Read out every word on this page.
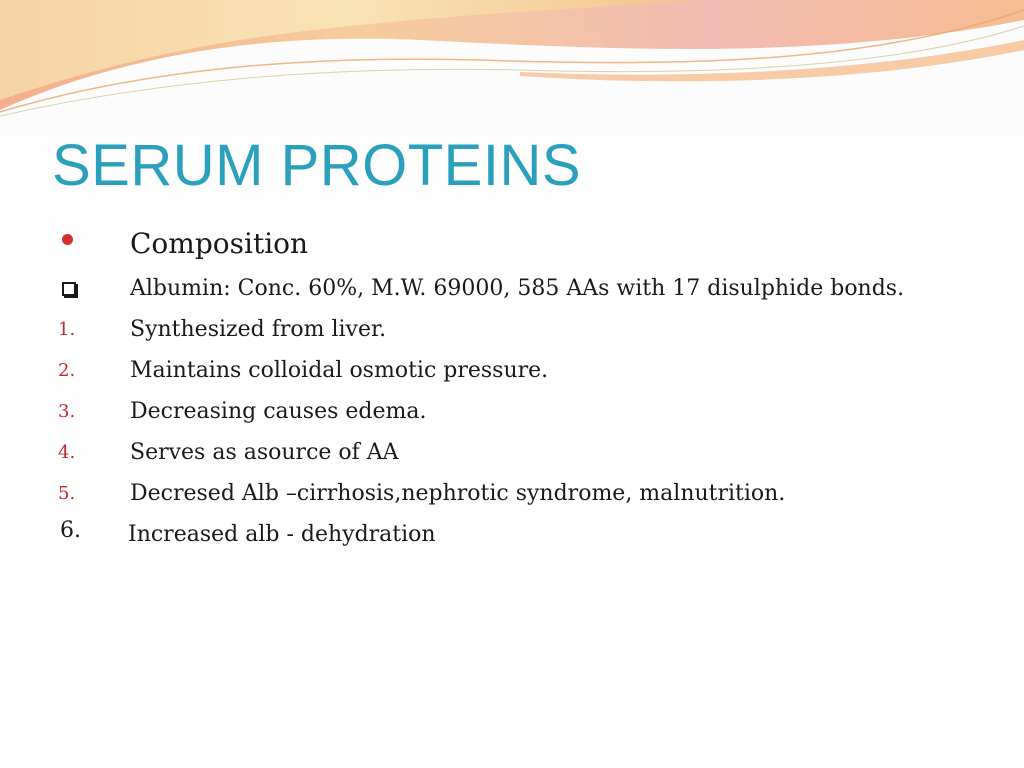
SERUM PROTEINS
Composition
Albumin: Conc. 60%, M.W. 69000, 585 AAs with 17 disulphide bonds.
1. Synthesized from liver.
2. Maintains colloidal osmotic pressure.
3. Decreasing causes edema.
4. Serves as asource of AA
5. Decresed Alb –cirrhosis,nephrotic syndrome, malnutrition.
6. Increased alb - dehydration
